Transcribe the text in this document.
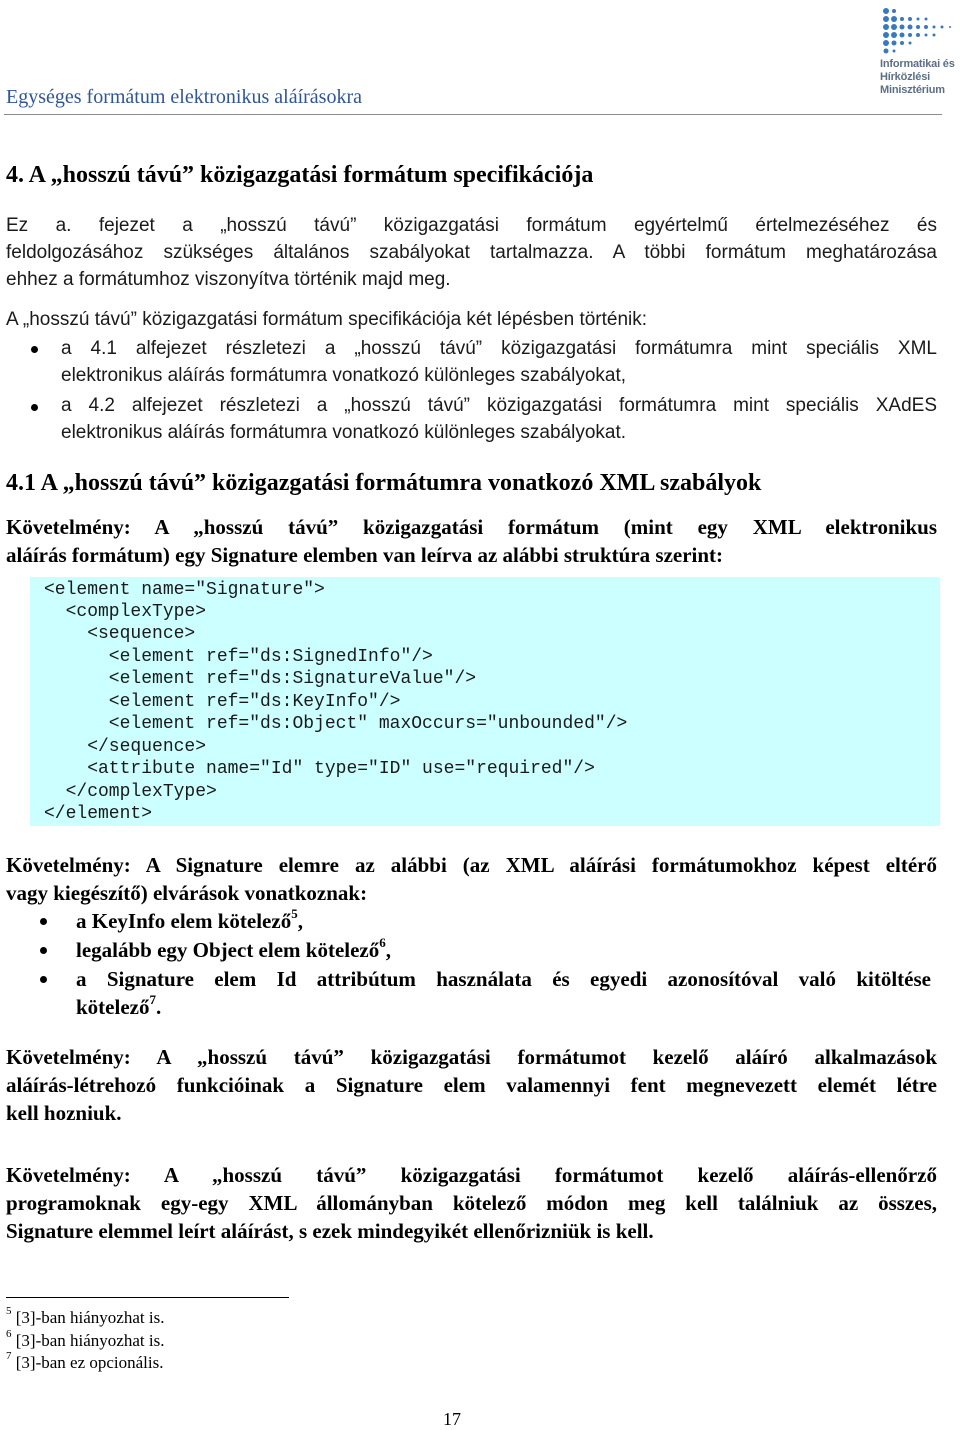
Egységes formátum elektronikus aláírásokra
Informatikai és
Hírközlési
Minisztérium
4. A „hosszú távú” közigazgatási formátum specifikációja
Ez a. fejezet a „hosszú távú” közigazgatási formátum egyértelmű értelmezéséhez és
feldolgozásához szükséges általános szabályokat tartalmazza. A többi formátum meghatározása
ehhez a formátumhoz viszonyítva történik majd meg.
A „hosszú távú” közigazgatási formátum specifikációja két lépésben történik:
a 4.1 alfejezet részletezi a „hosszú távú” közigazgatási formátumra mint speciális XML
elektronikus aláírás formátumra vonatkozó különleges szabályokat,
a 4.2 alfejezet részletezi a „hosszú távú” közigazgatási formátumra mint speciális XAdES
elektronikus aláírás formátumra vonatkozó különleges szabályokat.
4.1 A „hosszú távú” közigazgatási formátumra vonatkozó XML szabályok
Követelmény: A „hosszú távú” közigazgatási formátum (mint egy XML elektronikus
aláírás formátum) egy Signature elemben van leírva az alábbi struktúra szerint:
<element name="Signature">
<complexType>
<sequence>
<element ref="ds:SignedInfo"/>
<element ref="ds:SignatureValue"/>
<element ref="ds:KeyInfo"/>
<element ref="ds:Object" maxOccurs="unbounded"/>
</sequence>
<attribute name="Id" type="ID" use="required"/>
</complexType>
</element>
Követelmény: A Signature elemre az alábbi (az XML aláírási formátumokhoz képest eltérő
vagy kiegészítő) elvárások vonatkoznak:
a KeyInfo elem kötelező$^5$,
legalább egy Object elem kötelező$^6$,
a Signature elem Id attribútum használata és egyedi azonosítóval való kitöltése
kötelező$^7$.
Követelmény: A „hosszú távú” közigazgatási formátumot kezelő aláíró alkalmazások
aláírás-létrehozó funkcióinak a Signature elem valamennyi fent megnevezett elemét létre
kell hozniuk.
Követelmény: A „hosszú távú” közigazgatási formátumot kezelő aláírás-ellenőrző
programoknak egy-egy XML állományban kötelező módon meg kell találniuk az összes,
Signature elemmel leírt aláírást, s ezek mindegyikét ellenőrizniük is kell.
$^5$ [3]-ban hiányozhat is.
$^6$ [3]-ban hiányozhat is.
$^7$ [3]-ban ez opcionális.
17
